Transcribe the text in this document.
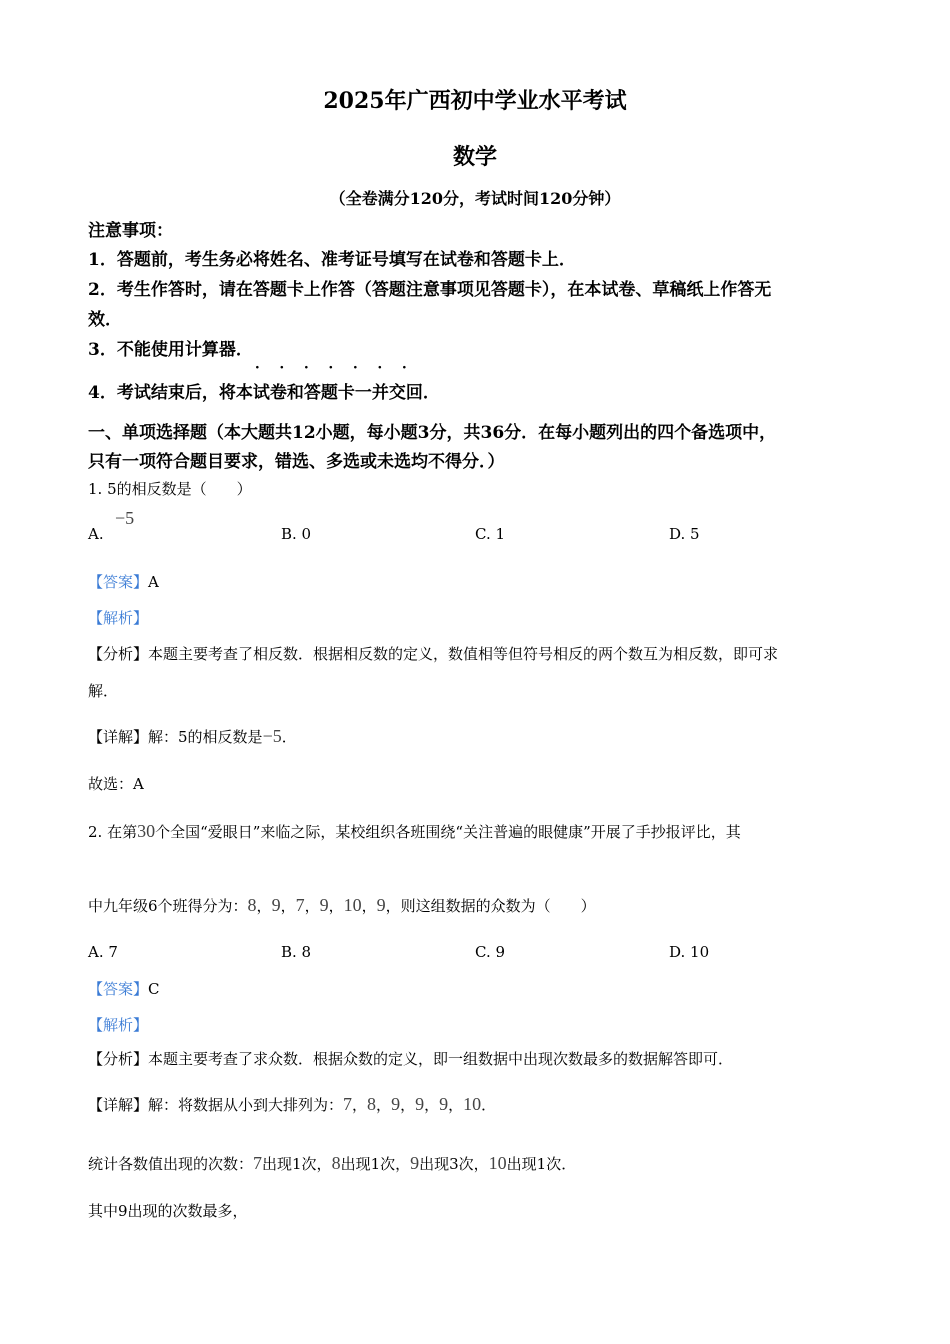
2025年广西初中学业水平考试
数学
（全卷满分120分，考试时间120分钟）
注意事项：
1．答题前，考生务必将姓名、准考证号填写在试卷和答题卡上．
2．考生作答时，请在答题卡上作答（答题注意事项见答题卡），在本试卷、草稿纸上作答无
效．
3．不能使用计算器．
· · · · · · ·
4．考试结束后，将本试卷和答题卡一并交回．
一、单项选择题（本大题共12小题，每小题3分，共36分．在每小题列出的四个备选项中，
只有一项符合题目要求，错选、多选或未选均不得分．）
1. 5的相反数是（　　）
A.
−5
B. 0	C. 1	D. 5
【答案】A
【解析】
【分析】本题主要考查了相反数．根据相反数的定义，数值相等但符号相反的两个数互为相反数，即可求
解．
【详解】解：5的相反数是−5．
故选：A
2. 在第30个全国“爱眼日”来临之际，某校组织各班围绕“关注普遍的眼健康”开展了手抄报评比，其
中九年级6个班得分为：8，9，7，9，10，9，则这组数据的众数为（　　）
A. 7	B. 8	C. 9	D. 10
【答案】C
【解析】
【分析】本题主要考查了求众数．根据众数的定义，即一组数据中出现次数最多的数据解答即可．
【详解】解：将数据从小到大排列为：7，8，9，9，9，10．
统计各数值出现的次数：7出现1次，8出现1次，9出现3次，10出现1次．
其中9出现的次数最多，
